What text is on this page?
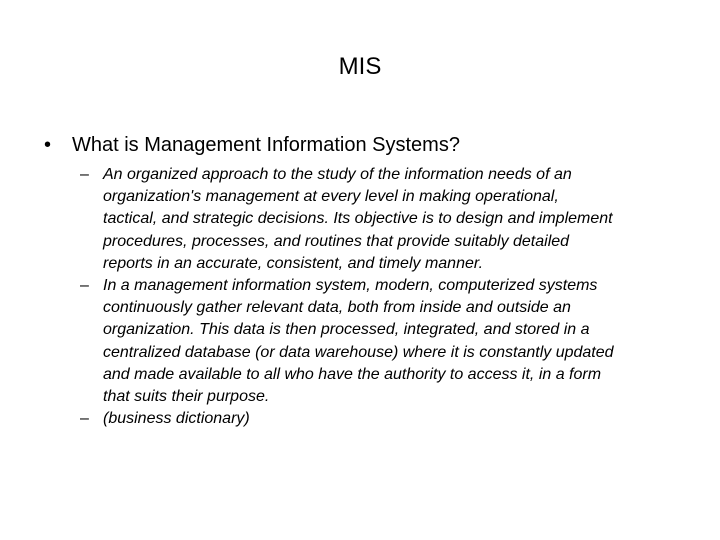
MIS
• What is Management Information Systems?
– An organized approach to the study of the information needs of an
organization's management at every level in making operational,
tactical, and strategic decisions. Its objective is to design and implement
procedures, processes, and routines that provide suitably detailed
reports in an accurate, consistent, and timely manner.
– In a management information system, modern, computerized systems
continuously gather relevant data, both from inside and outside an
organization. This data is then processed, integrated, and stored in a
centralized database (or data warehouse) where it is constantly updated
and made available to all who have the authority to access it, in a form
that suits their purpose.
– (business dictionary)
